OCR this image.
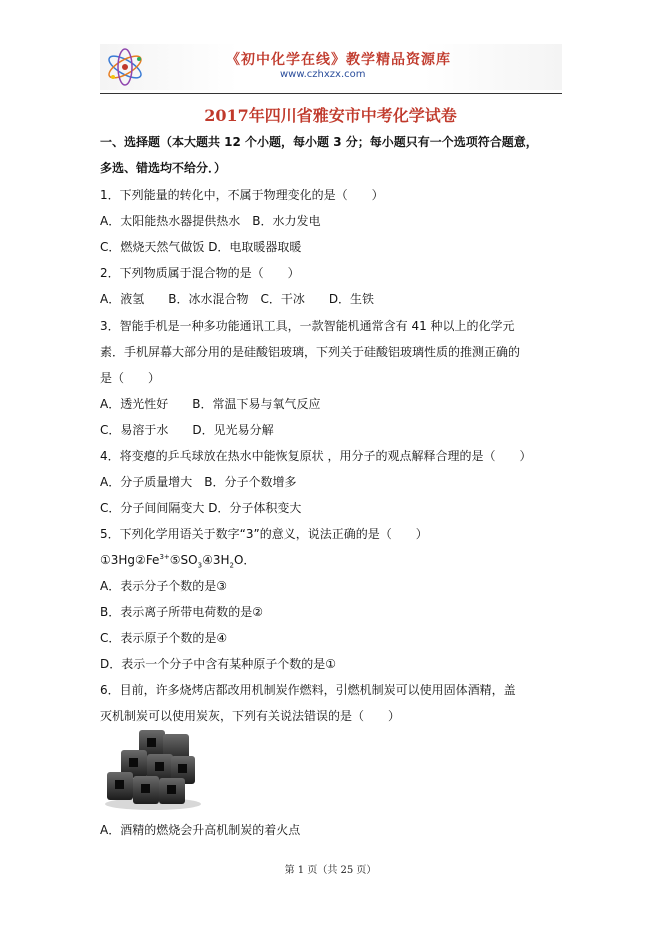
《初中化学在线》教学精品资源库
www.czhxzx.com
2017年四川省雅安市中考化学试卷
一、选择题（本大题共 12 个小题，每小题 3 分；每小题只有一个选项符合题意，
多选、错选均不给分．）
1．下列能量的转化中，不属于物理变化的是（　　）
A．太阳能热水器提供热水　B．水力发电
C．燃烧天然气做饭 D．电取暖器取暖
2．下列物质属于混合物的是（　　）
A．液氢　　B．冰水混合物　C．干冰　　D．生铁
3．智能手机是一种多功能通讯工具，一款智能机通常含有 41 种以上的化学元
素．手机屏幕大部分用的是硅酸铝玻璃，下列关于硅酸铝玻璃性质的推测正确的
是（　　）
A．透光性好　　B．常温下易与氧气反应
C．易溶于水　　D．见光易分解
4．将变瘪的乒乓球放在热水中能恢复原状 ，用分子的观点解释合理的是（　　）
A．分子质量增大　B．分子个数增多
C．分子间间隔变大 D．分子体积变大
5．下列化学用语关于数字“3”的意义，说法正确的是（　　）
$①3Hg②Fe^{3+}⑤SO_3④3H_2O$．
A．表示分子个数的是③
B．表示离子所带电荷数的是②
C．表示原子个数的是④
D．表示一个分子中含有某种原子个数的是①
6．目前，许多烧烤店都改用机制炭作燃料，引燃机制炭可以使用固体酒精，盖
灭机制炭可以使用炭灰，下列有关说法错误的是（　　）
A．酒精的燃烧会升高机制炭的着火点
第 1 页（共 25 页）
